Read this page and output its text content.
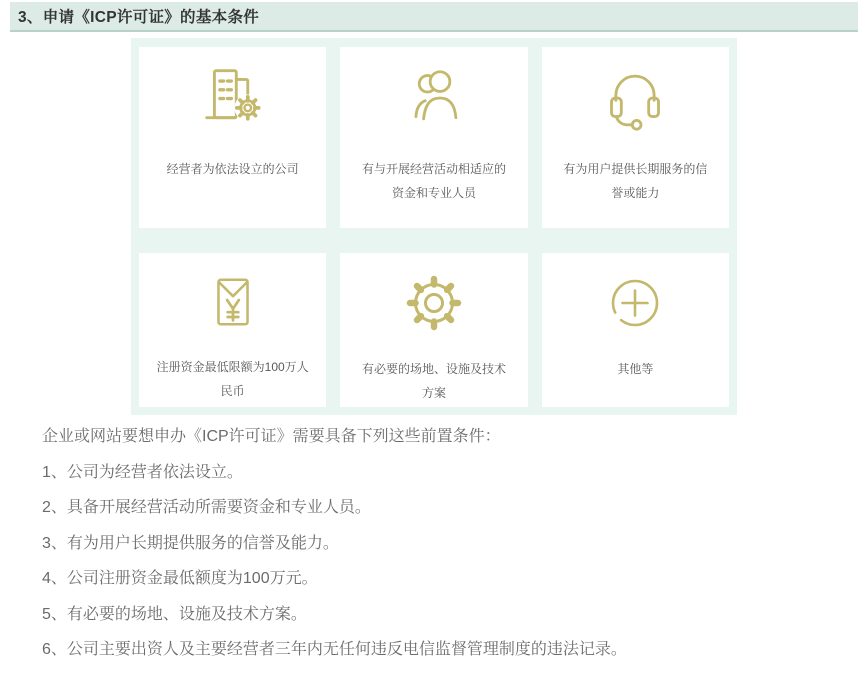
3、申请《ICP许可证》的基本条件
经营者为依法设立的公司	有与开展经营活动相适应的资金和专业人员
有为用户提供长期服务的信誉或能力
注册资金最低限额为100万人民币
有必要的场地、设施及技术方案
其他等

企业或网站要想申办《ICP许可证》需要具备下列这些前置条件：

1、公司为经营者依法设立。

2、具备开展经营活动所需要资金和专业人员。

3、有为用户长期提供服务的信誉及能力。

4、公司注册资金最低额度为100万元。

5、有必要的场地、设施及技术方案。

6、公司主要出资人及主要经营者三年内无任何违反电信监督管理制度的违法记录。
